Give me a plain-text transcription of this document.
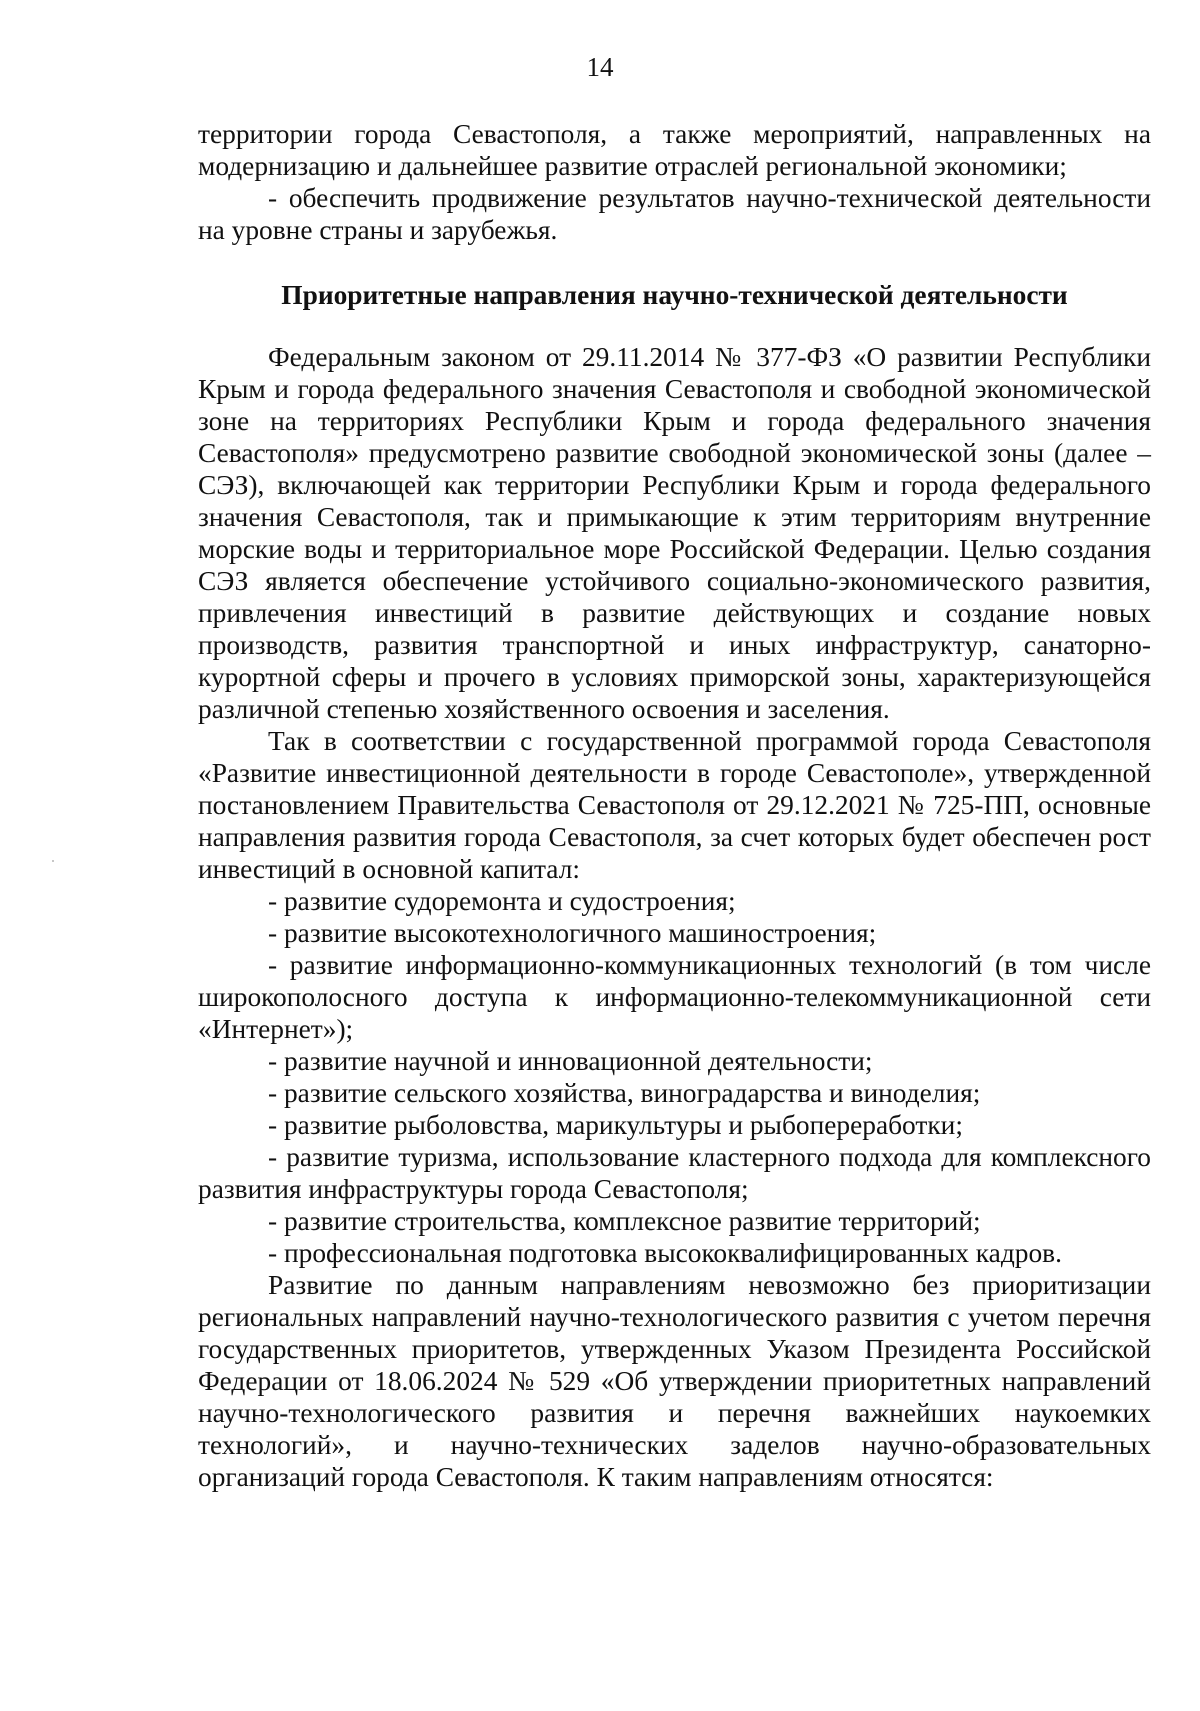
14

территории города Севастополя, а также мероприятий, направленных на модернизацию и дальнейшее развитие отраслей региональной экономики;

- обеспечить продвижение результатов научно-технической деятельности на уровне страны и зарубежья.

Приоритетные направления научно-технической деятельности

Федеральным законом от 29.11.2014 № 377-ФЗ «О развитии Республики Крым и города федерального значения Севастополя и свободной экономической зоне на территориях Республики Крым и города федерального значения Севастополя» предусмотрено развитие свободной экономической зоны (далее – СЭЗ), включающей как территории Республики Крым и города федерального значения Севастополя, так и примыкающие к этим территориям внутренние морские воды и территориальное море Российской Федерации. Целью создания СЭЗ является обеспечение устойчивого социально-экономического развития, привлечения инвестиций в развитие действующих и создание новых производств, развития транспортной и иных инфраструктур, санаторно-курортной сферы и прочего в условиях приморской зоны, характеризующейся различной степенью хозяйственного освоения и заселения.

Так в соответствии с государственной программой города Севастополя «Развитие инвестиционной деятельности в городе Севастополе», утвержденной постановлением Правительства Севастополя от 29.12.2021 № 725-ПП, основные направления развития города Севастополя, за счет которых будет обеспечен рост инвестиций в основной капитал:

- развитие судоремонта и судостроения;

- развитие высокотехнологичного машиностроения;

- развитие информационно-коммуникационных технологий (в том числе широкополосного доступа к информационно-телекоммуникационной сети «Интернет»);

- развитие научной и инновационной деятельности;

- развитие сельского хозяйства, виноградарства и виноделия;

- развитие рыболовства, марикультуры и рыбопереработки;

- развитие туризма, использование кластерного подхода для комплексного развития инфраструктуры города Севастополя;

- развитие строительства, комплексное развитие территорий;

- профессиональная подготовка высококвалифицированных кадров.

Развитие по данным направлениям невозможно без приоритизации региональных направлений научно-технологического развития с учетом перечня государственных приоритетов, утвержденных Указом Президента Российской Федерации от 18.06.2024 № 529 «Об утверждении приоритетных направлений научно-технологического развития и перечня важнейших наукоемких технологий», и научно-технических заделов научно-образовательных организаций города Севастополя. К таким направлениям относятся:
